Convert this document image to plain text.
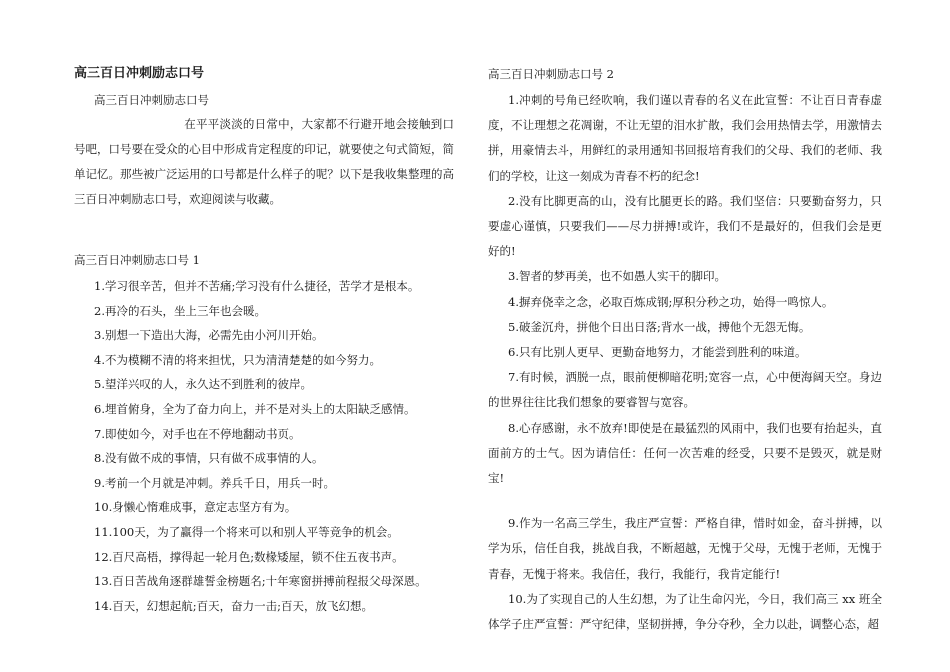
高三百日冲刺励志口号
高三百日冲刺励志口号

在平平淡淡的日常中，大家都不行避开地会接触到口号吧，口号要在受众的心目中形成肯定程度的印记，就要使之句式简短，简单记忆。那些被广泛运用的口号都是什么样子的呢？以下是我收集整理的高三百日冲刺励志口号，欢迎阅读与收藏。

高三百日冲刺励志口号 1
1.学习很辛苦，但并不苦痛;学习没有什么捷径，苦学才是根本。
2.再冷的石头，坐上三年也会暖。
3.别想一下造出大海，必需先由小河川开始。
4.不为模糊不清的将来担忧，只为清清楚楚的如今努力。
5.望洋兴叹的人，永久达不到胜利的彼岸。
6.埋首俯身，全为了奋力向上，并不是对头上的太阳缺乏感情。
7.即使如今，对手也在不停地翻动书页。
8.没有做不成的事情，只有做不成事情的人。
9.考前一个月就是冲刺。养兵千日，用兵一时。
10.身懒心惰难成事，意定志坚方有为。
11.100天，为了赢得一个将来可以和别人平等竞争的机会。
12.百尺高梧，撑得起一轮月色;数椽矮屋，锁不住五夜书声。
13.百日苦战角逐群雄誓金榜题名;十年寒窗拼搏前程报父母深恩。
14.百天，幻想起航;百天，奋力一击;百天，放飞幻想。
高三百日冲刺励志口号 2
1.冲刺的号角已经吹响，我们谨以青春的名义在此宣誓：不让百日青春虚度，不让理想之花凋谢，不让无望的泪水扩散，我们会用热情去学，用激情去拼，用豪情去斗，用鲜红的录用通知书回报培育我们的父母、我们的老师、我们的学校，让这一刻成为青春不朽的纪念!
2.没有比脚更高的山，没有比腿更长的路。我们坚信：只要勤奋努力，只要虚心谨慎，只要我们——尽力拼搏!或许，我们不是最好的，但我们会是更好的!
3.智者的梦再美，也不如愚人实干的脚印。
4.摒弃侥幸之念，必取百炼成钢;厚积分秒之功，始得一鸣惊人。
5.破釜沉舟，拼他个日出日落;背水一战，搏他个无怨无悔。
6.只有比别人更早、更勤奋地努力，才能尝到胜利的味道。
7.有时候，洒脱一点，眼前便柳暗花明;宽容一点，心中便海阔天空。身边的世界往往比我们想象的要睿智与宽容。
8.心存感谢，永不放弃!即使是在最猛烈的风雨中，我们也要有抬起头，直面前方的士气。因为请信任：任何一次苦难的经受，只要不是毁灭，就是财宝!
9.作为一名高三学生，我庄严宣誓：严格自律，惜时如金，奋斗拼搏，以学为乐，信任自我，挑战自我，不断超越，无愧于父母，无愧于老师，无愧于青春，无愧于将来。我信任，我行，我能行，我肯定能行!
10.为了实现自己的人生幻想，为了让生命闪光，今日，我们高三 xx 班全体学子庄严宣誓：严守纪律，坚韧拼搏，争分夺秒，全力以赴，调整心态，超
